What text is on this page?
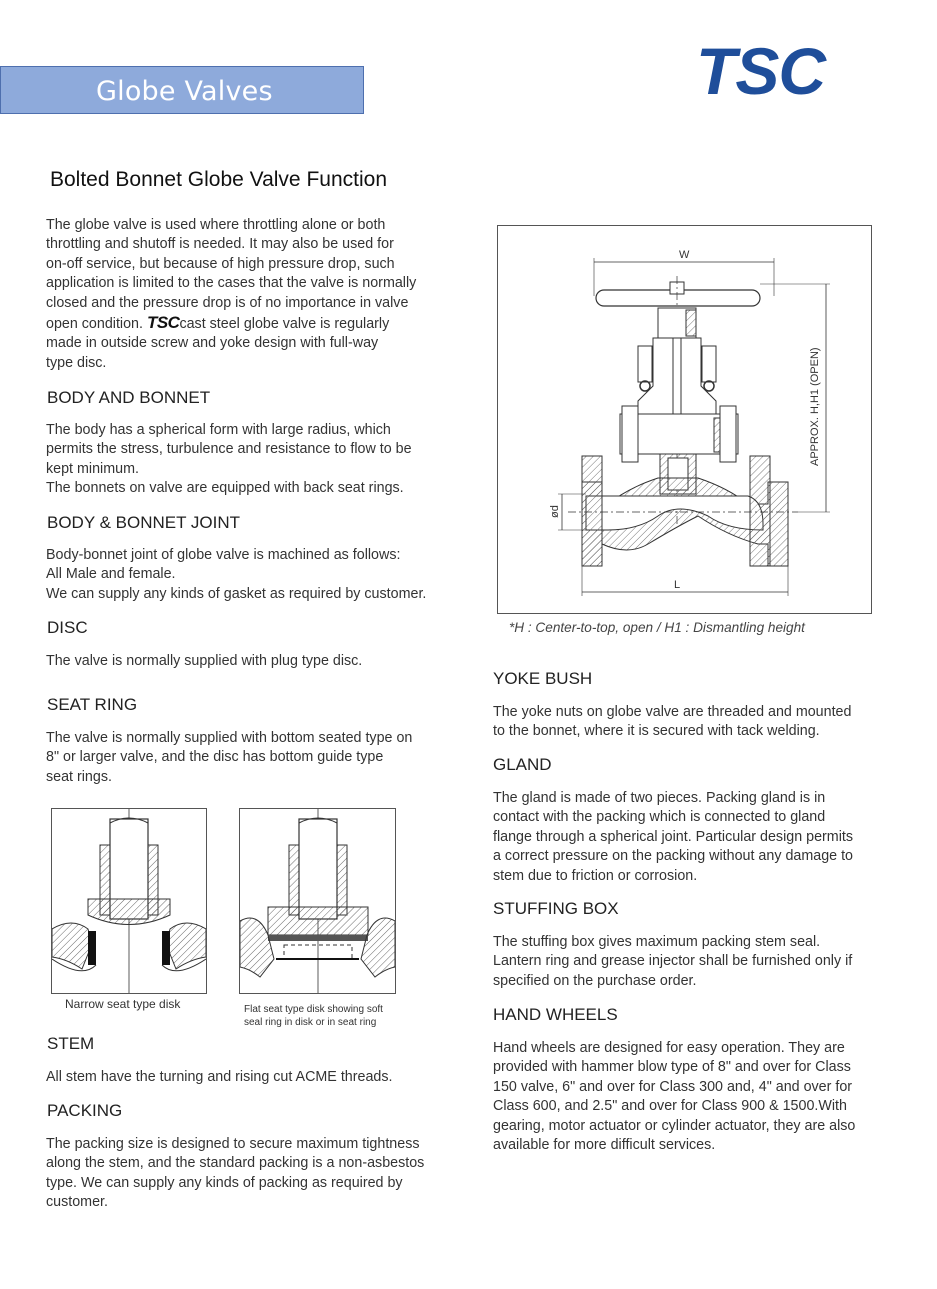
Globe Valves	TSC
Bolted Bonnet Globe Valve Function
The globe valve is used where throttling alone or both
throttling and shutoff is needed. It may also be used for
on-off service, but because of high pressure drop, such
application is limited to the cases that the valve is normally
closed and the pressure drop is of no importance in valve
open condition. TSCcast steel globe valve is regularly
made in outside screw and yoke design with full-way
type disc.
BODY AND BONNET
The body has a spherical form with large radius, which
permits the stress, turbulence and resistance to flow to be
kept minimum.
The bonnets on valve are equipped with back seat rings.
BODY & BONNET JOINT
Body-bonnet joint of globe valve is machined as follows:
All Male and female.
We can supply any kinds of gasket as required by customer.
DISC
The valve is normally supplied with plug type disc.
SEAT RING
The valve is normally supplied with bottom seated type on
8" or larger valve, and the disc has bottom guide type
seat rings.
Narrow seat type disk	Flat seat type disk showing soft
seal ring in disk or in seat ring
STEM
All stem have the turning and rising cut ACME threads.
PACKING
The packing size is designed to secure maximum tightness
along the stem, and the standard packing is a non-asbestos
type. We can supply any kinds of packing as required by
customer.
W
ød
L
APPROX. H,H1 (OPEN)
*H : Center-to-top, open / H1 : Dismantling height
YOKE BUSH
The yoke nuts on globe valve are threaded and mounted
to the bonnet, where it is secured with tack welding.
GLAND
The gland is made of two pieces. Packing gland is in
contact with the packing which is connected to gland
flange through a spherical joint. Particular design permits
a correct pressure on the packing without any damage to
stem due to friction or corrosion.
STUFFING BOX
The stuffing box gives maximum packing stem seal.
Lantern ring and grease injector shall be furnished only if
specified on the purchase order.
HAND WHEELS
Hand wheels are designed for easy operation. They are
provided with hammer blow type of 8" and over for Class
150 valve, 6" and over for Class 300 and, 4" and over for
Class 600, and 2.5" and over for Class 900 & 1500.With
gearing, motor actuator or cylinder actuator, they are also
available for more difficult services.
